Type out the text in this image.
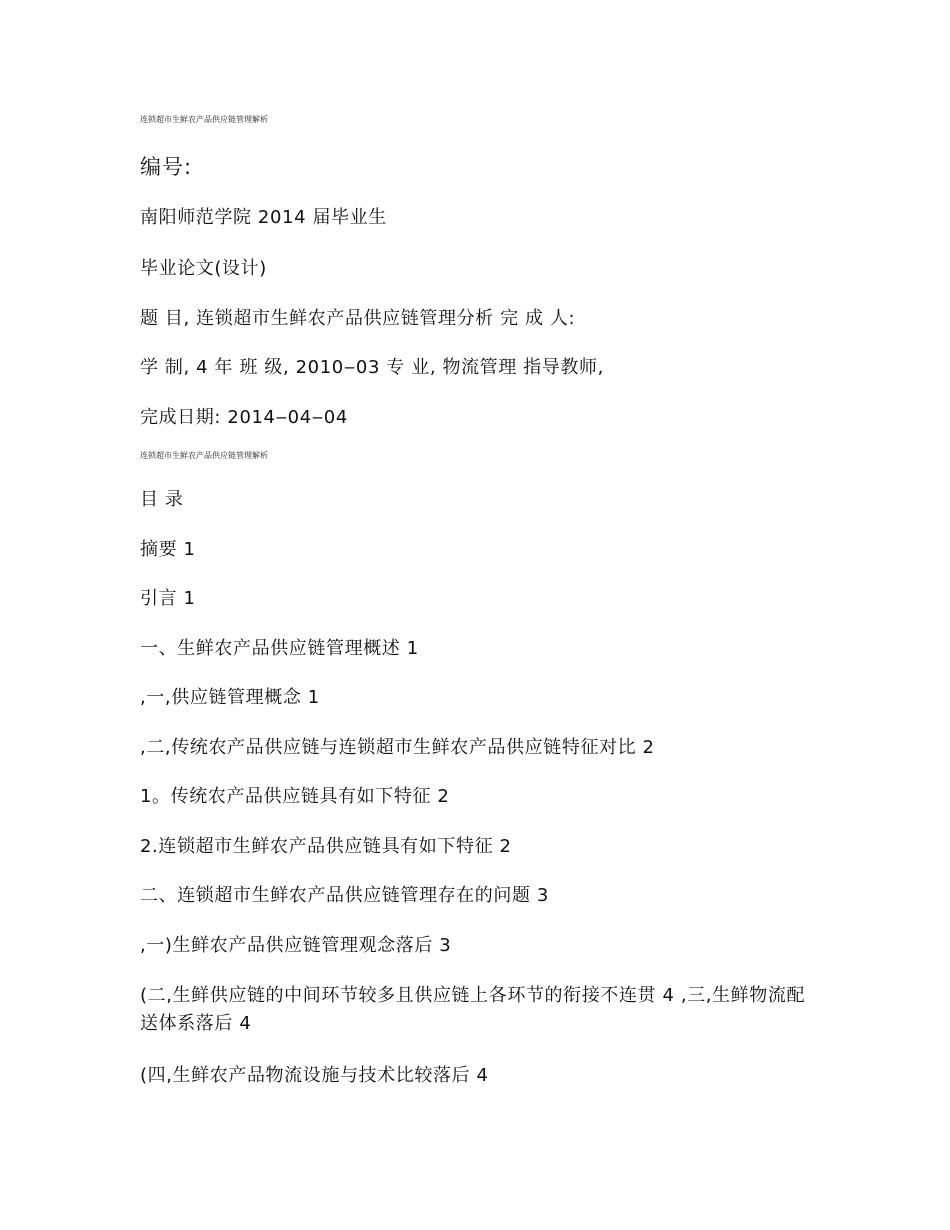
连锁超市生鲜农产品供应链管理解析
编号:
南阳师范学院 2014 届毕业生
毕业论文(设计)
题 目, 连锁超市生鲜农产品供应链管理分析 完 成 人:
学 制, 4 年 班 级, 2010‒03 专 业, 物流管理 指导教师,
完成日期: 2014‒04‒04
连锁超市生鲜农产品供应链管理解析
目 录
摘要 1
引言 1
一、生鲜农产品供应链管理概述 1
,一,供应链管理概念 1
,二,传统农产品供应链与连锁超市生鲜农产品供应链特征对比 2
1。传统农产品供应链具有如下特征 2
2.连锁超市生鲜农产品供应链具有如下特征 2
二、连锁超市生鲜农产品供应链管理存在的问题 3
,一)生鲜农产品供应链管理观念落后 3
(二,生鲜供应链的中间环节较多且供应链上各环节的衔接不连贯 4 ,三,生鲜物流配送体系落后 4
(四,生鲜农产品物流设施与技术比较落后 4
